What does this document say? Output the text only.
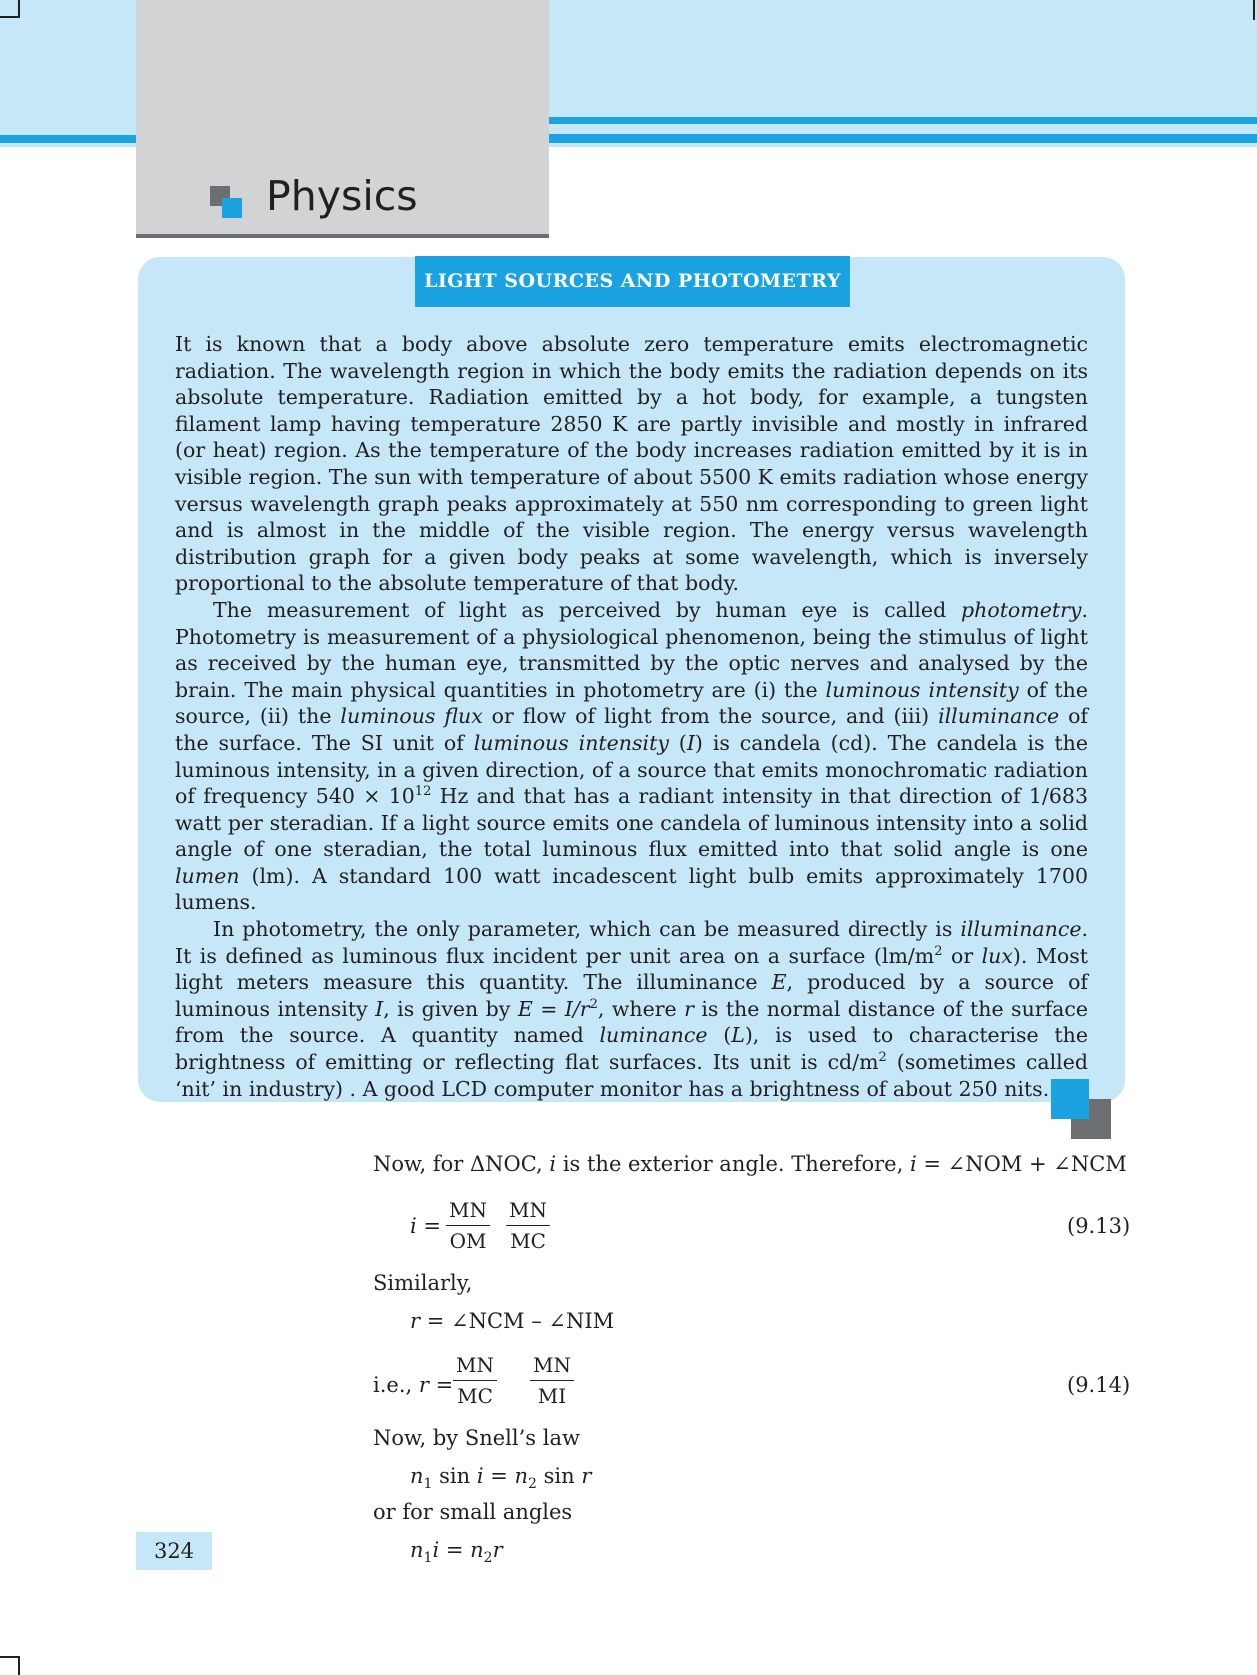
Physics
LIGHT SOURCES AND PHOTOMETRY

It is known that a body above absolute zero temperature emits electromagnetic radiation. The wavelength region in which the body emits the radiation depends on its absolute temperature. Radiation emitted by a hot body, for example, a tungsten filament lamp having temperature 2850 K are partly invisible and mostly in infrared (or heat) region. As the temperature of the body increases radiation emitted by it is in visible region. The sun with temperature of about 5500 K emits radiation whose energy versus wavelength graph peaks approximately at 550 nm corresponding to green light and is almost in the middle of the visible region. The energy versus wavelength distribution graph for a given body peaks at some wavelength, which is inversely proportional to the absolute temperature of that body.

The measurement of light as perceived by human eye is called photometry. Photometry is measurement of a physiological phenomenon, being the stimulus of light as received by the human eye, transmitted by the optic nerves and analysed by the brain. The main physical quantities in photometry are (i) the luminous intensity of the source, (ii) the luminous flux or flow of light from the source, and (iii) illuminance of the surface. The SI unit of luminous intensity (I) is candela (cd). The candela is the luminous intensity, in a given direction, of a source that emits monochromatic radiation of frequency $540 \times 10^{12}$ Hz and that has a radiant intensity in that direction of 1/683 watt per steradian. If a light source emits one candela of luminous intensity into a solid angle of one steradian, the total luminous flux emitted into that solid angle is one lumen (lm). A standard 100 watt incadescent light bulb emits approximately 1700 lumens.

In photometry, the only parameter, which can be measured directly is illuminance. It is defined as luminous flux incident per unit area on a surface ($lm/m^2$ or lux). Most light meters measure this quantity. The illuminance E, produced by a source of luminous intensity I, is given by $E = I/r^2$, where r is the normal distance of the surface from the source. A quantity named luminance (L), is used to characterise the brightness of emitting or reflecting flat surfaces. Its unit is $cd/m^2$ (sometimes called ‘nit’ in industry) . A good LCD computer monitor has a brightness of about 250 nits.

Now, for ΔNOC, i is the exterior angle. Therefore, i = ∠NOM + ∠NCM
$i = \frac{MN}{OM} \frac{MN}{MC}$	(9.13)
Similarly,
r = ∠NCM – ∠NIM
i.e., $r = \frac{MN}{MC} \frac{MN}{MI}$	(9.14)
Now, by Snell’s law
$n_1$ $\sin i = n_2$ sin r
or for small angles
$n_1i = n_2r$
324
